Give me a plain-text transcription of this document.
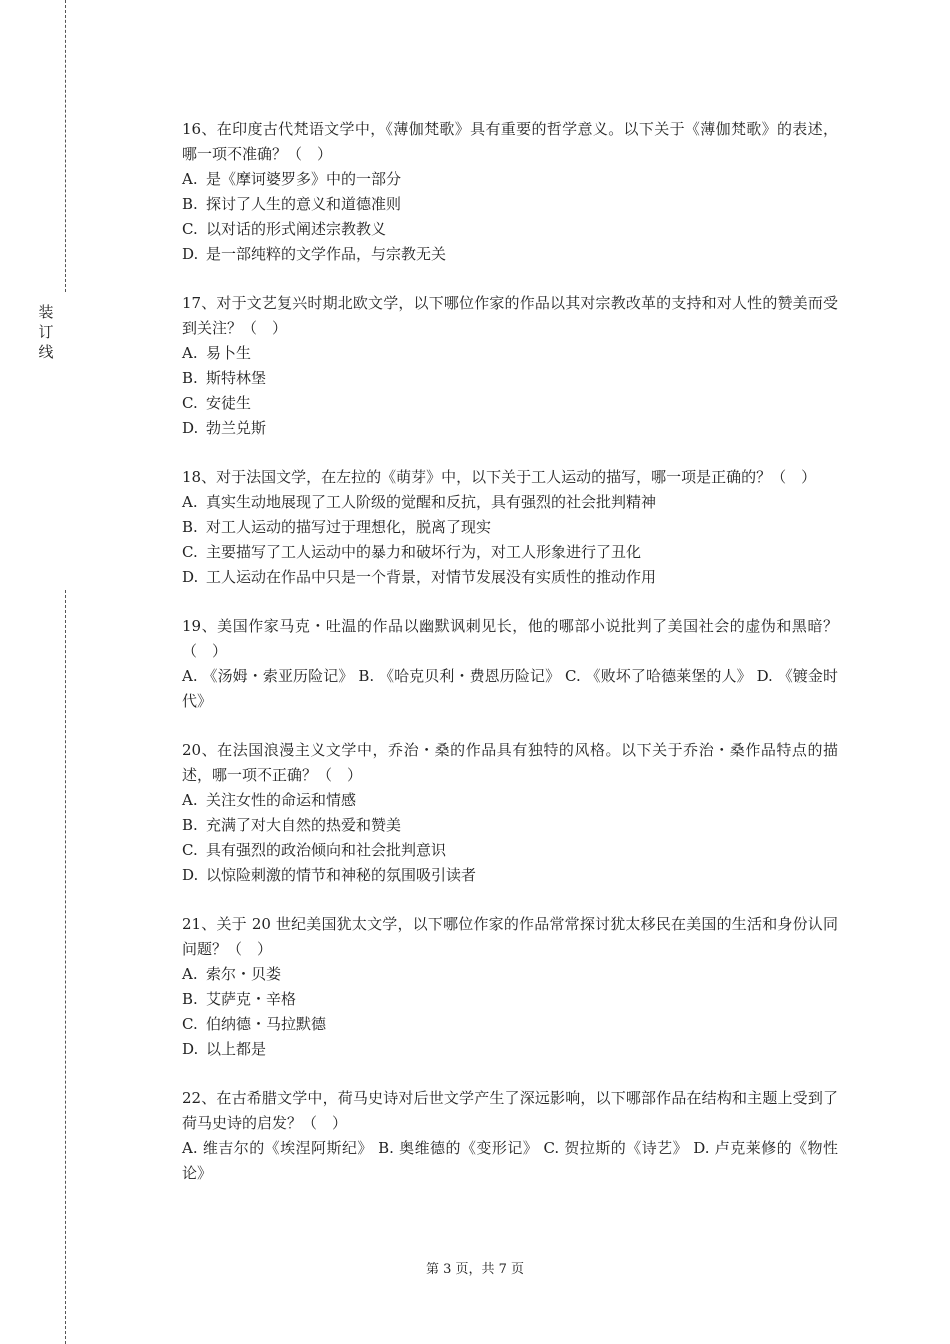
装
订
线
16、在印度古代梵语文学中，《薄伽梵歌》具有重要的哲学意义。以下关于《薄伽梵歌》的表述，哪一项不准确？（　）
A. 是《摩诃婆罗多》中的一部分
B. 探讨了人生的意义和道德准则
C. 以对话的形式阐述宗教教义
D. 是一部纯粹的文学作品，与宗教无关
17、对于文艺复兴时期北欧文学，以下哪位作家的作品以其对宗教改革的支持和对人性的赞美而受到关注？（　）
A. 易卜生
B. 斯特林堡
C. 安徒生
D. 勃兰兑斯
18、对于法国文学，在左拉的《萌芽》中，以下关于工人运动的描写，哪一项是正确的？（　）
A. 真实生动地展现了工人阶级的觉醒和反抗，具有强烈的社会批判精神
B. 对工人运动的描写过于理想化，脱离了现实
C. 主要描写了工人运动中的暴力和破坏行为，对工人形象进行了丑化
D. 工人运动在作品中只是一个背景，对情节发展没有实质性的推动作用
19、美国作家马克・吐温的作品以幽默讽刺见长，他的哪部小说批判了美国社会的虚伪和黑暗？（　）
A. 《汤姆・索亚历险记》 B. 《哈克贝利・费恩历险记》 C. 《败坏了哈德莱堡的人》 D. 《镀金时代》
20、在法国浪漫主义文学中，乔治・桑的作品具有独特的风格。以下关于乔治・桑作品特点的描述，哪一项不正确？（　）
A. 关注女性的命运和情感
B. 充满了对大自然的热爱和赞美
C. 具有强烈的政治倾向和社会批判意识
D. 以惊险刺激的情节和神秘的氛围吸引读者
21、关于 20 世纪美国犹太文学，以下哪位作家的作品常常探讨犹太移民在美国的生活和身份认同问题？（　）
A. 索尔・贝娄
B. 艾萨克・辛格
C. 伯纳德・马拉默德
D. 以上都是
22、在古希腊文学中，荷马史诗对后世文学产生了深远影响，以下哪部作品在结构和主题上受到了荷马史诗的启发？（　）
A. 维吉尔的《埃涅阿斯纪》 B. 奥维德的《变形记》 C. 贺拉斯的《诗艺》 D. 卢克莱修的《物性论》
第 3 页，共 7 页
